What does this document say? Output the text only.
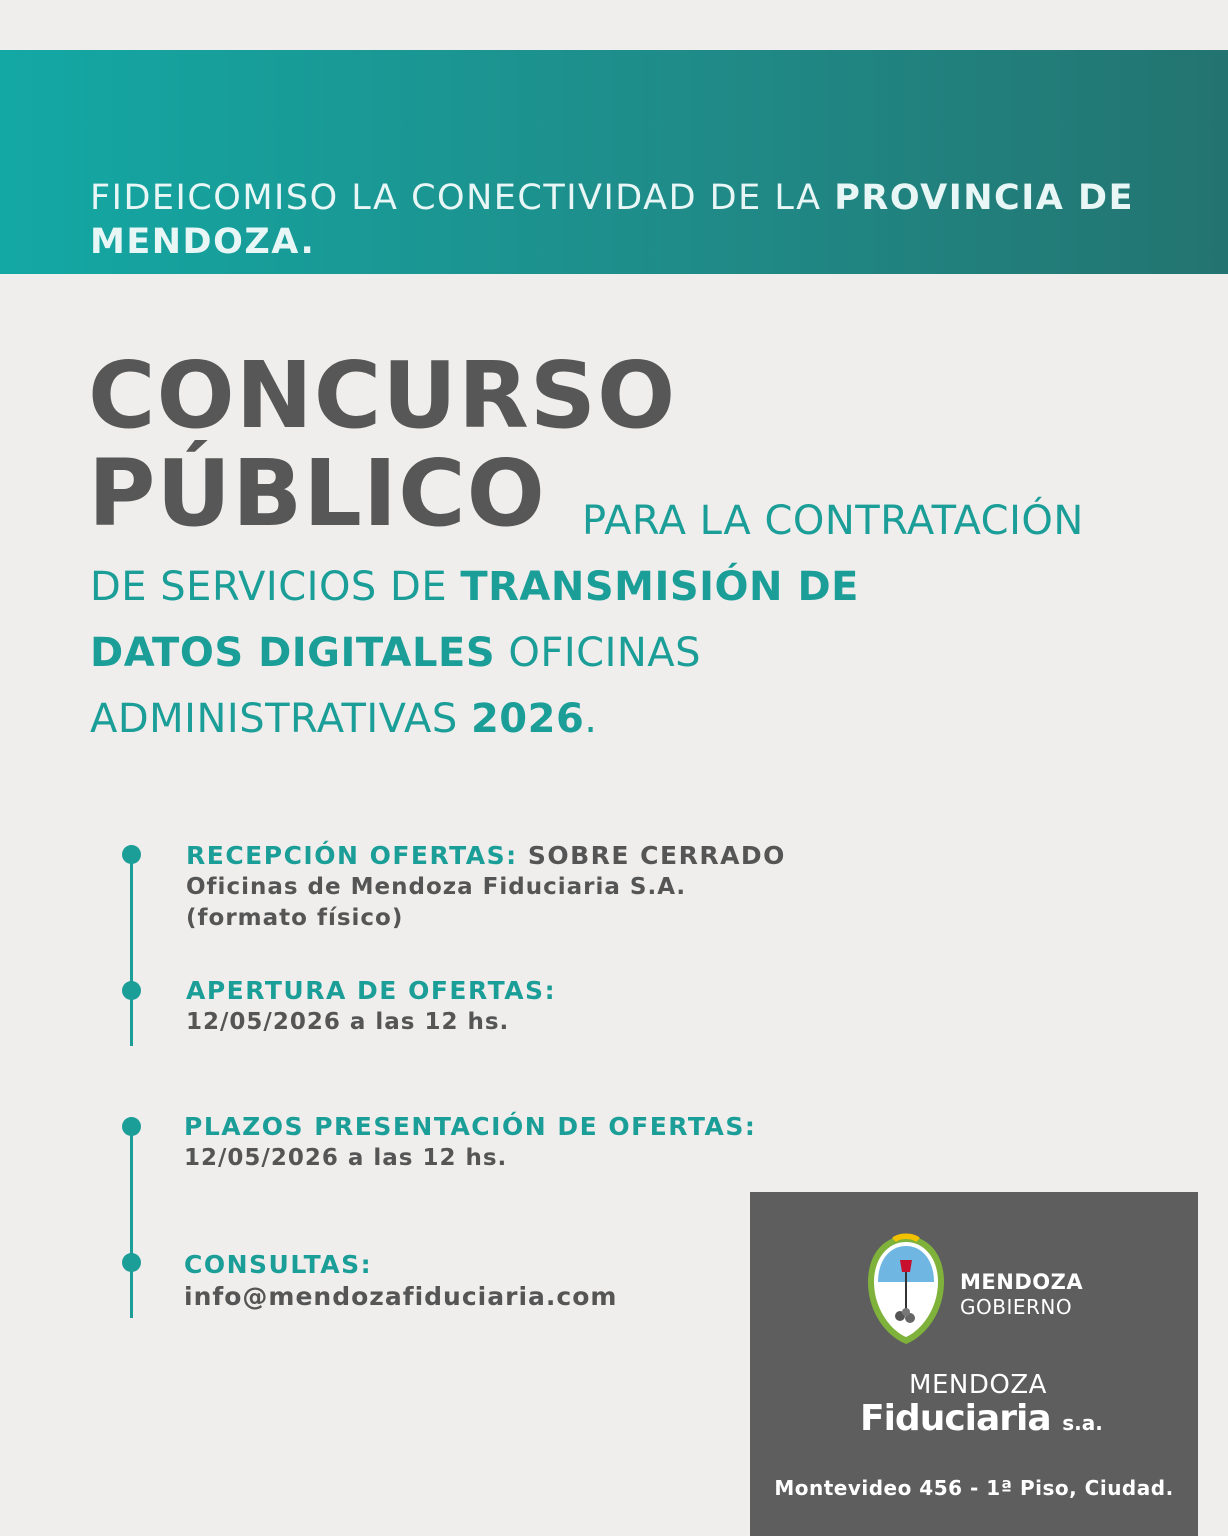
FIDEICOMISO LA CONECTIVIDAD DE LA PROVINCIA DE MENDOZA.
CONCURSO
PÚBLICO PARA LA CONTRATACIÓN
DE SERVICIOS DE TRANSMISIÓN DE
DATOS DIGITALES OFICINAS
ADMINISTRATIVAS 2026.
RECEPCIÓN OFERTAS: SOBRE CERRADO
Oficinas de Mendoza Fiduciaria S.A.
(formato físico)
APERTURA DE OFERTAS:
12/05/2026 a las 12 hs.
PLAZOS PRESENTACIÓN DE OFERTAS:
12/05/2026 a las 12 hs.
CONSULTAS:
info@mendozafiduciaria.com	MENDOZA
GOBIERNO
MENDOZA
Fiduciaria s.a.
Montevideo 456 - 1ª Piso, Ciudad.
